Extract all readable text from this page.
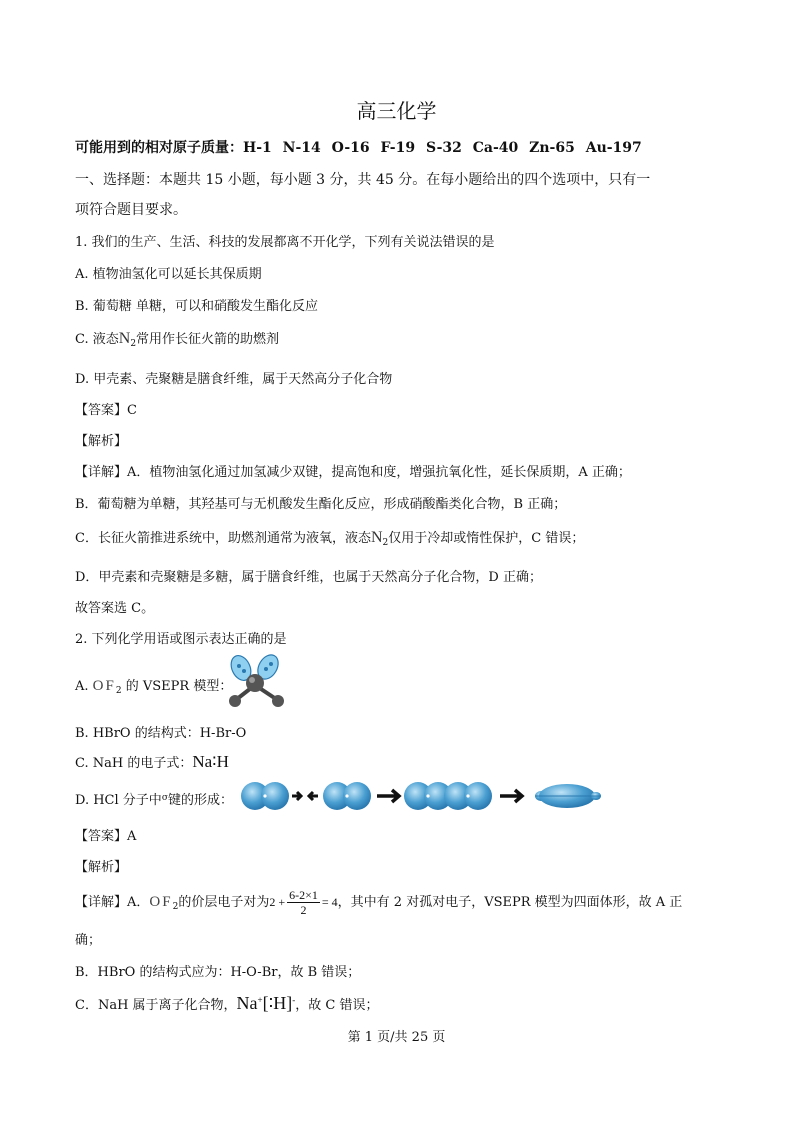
高三化学
可能用到的相对原子质量：H-1 N-14 O-16 F-19 S-32 Ca-40 Zn-65 Au-197
一、选择题：本题共 15 小题，每小题 3 分，共 45 分。在每小题给出的四个选项中，只有一
项符合题目要求。
1. 我们的生产、生活、科技的发展都离不开化学，下列有关说法错误的是
A. 植物油氢化可以延长其保质期
B. 葡萄糖 单糖，可以和硝酸发生酯化反应
C. 液态$N_2$常用作长征火箭的助燃剂
D. 甲壳素、壳聚糖是膳食纤维，属于天然高分子化合物
【答案】C
【解析】
【详解】A．植物油氢化通过加氢减少双键，提高饱和度，增强抗氧化性，延长保质期，A 正确；
B．葡萄糖为单糖，其羟基可与无机酸发生酯化反应，形成硝酸酯类化合物，B 正确；
C．长征火箭推进系统中，助燃剂通常为液氧，液态$N_2$仅用于冷却或惰性保护，C 错误；
D．甲壳素和壳聚糖是多糖，属于膳食纤维，也属于天然高分子化合物，D 正确；
故答案选 C。
2. 下列化学用语或图示表达正确的是
A. $OF_2$ 的 VSEPR 模型：
B. HBrO 的结构式：H-Br-O
C. NaH 的电子式：Na∶H
D. HCl 分子中$^\sigma$键的形成：
【答案】A
【解析】
【详解】A．$OF_2$的价层电子对为$2 + \frac{6-2\times 1}{2} = 4$，其中有 2 对孤对电子，VSEPR 模型为四面体形，故 A 正
确；
B．HBrO 的结构式应为：H-O-Br，故 B 错误；
C．NaH 属于离子化合物，Na+[∶H]-，故 C 错误；
第 1 页/共 25 页
